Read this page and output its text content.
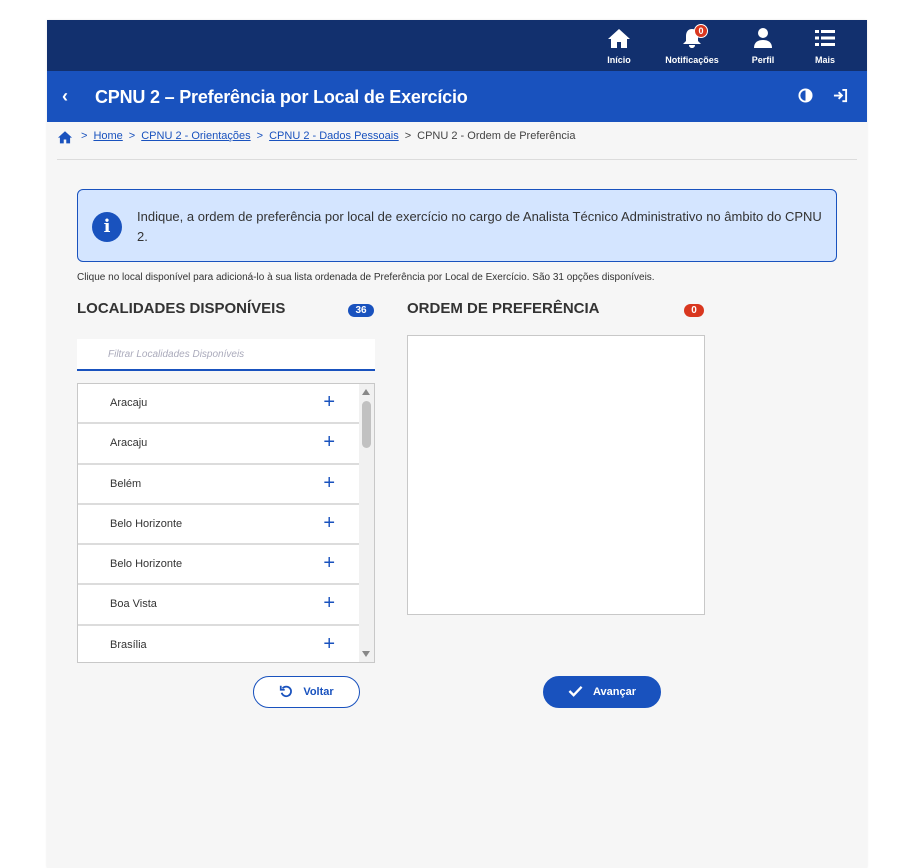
Início
0
Notificações	Perfil	Mais
‹ CPNU 2 – Preferência por Local de Exercício
> Home > CPNU 2 - Orientações > CPNU 2 - Dados Pessoais > CPNU 2 - Ordem de Preferência
i	Indique, a ordem de preferência por local de exercício no cargo de Analista Técnico Administrativo no âmbito do CPNU 2.

Clique no local disponível para adicioná-lo à sua lista ordenada de Preferência por Local de Exercício. São 31 opções disponíveis.
LOCALIDADES DISPONÍVEIS	36
Filtrar Localidades Disponíveis
Aracaju	+
Aracaju	+
Belém	+
Belo Horizonte	+
Belo Horizonte	+
Boa Vista	+
Brasília	+
ORDEM DE PREFERÊNCIA	0
Voltar	Avançar
